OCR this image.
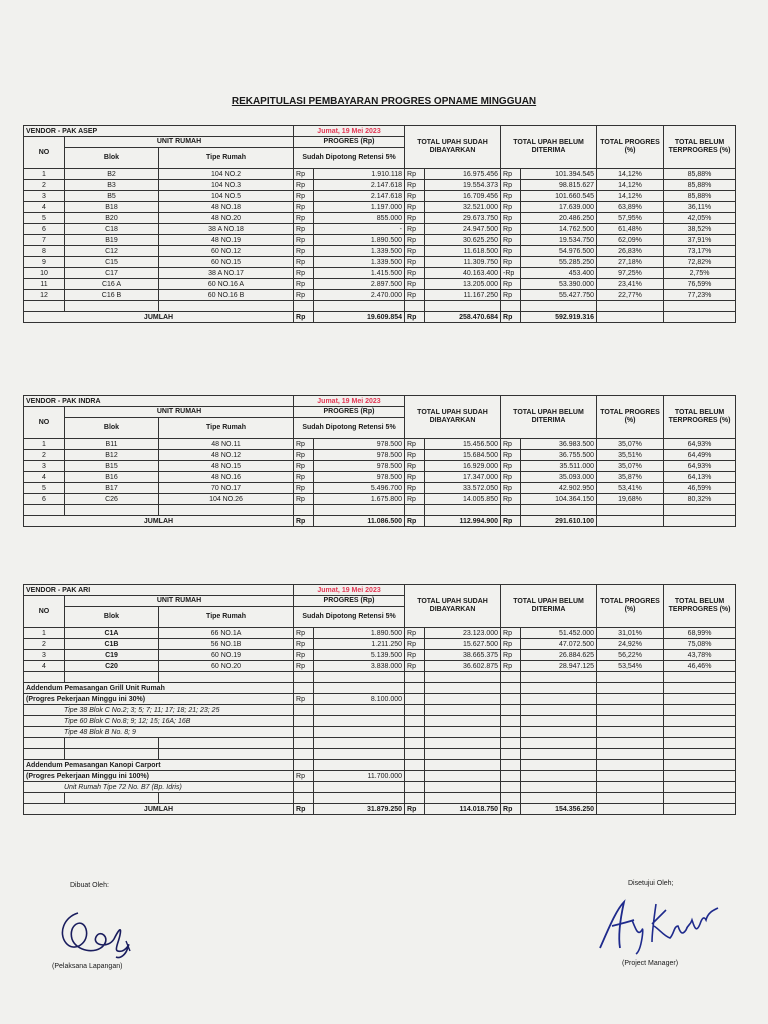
REKAPITULASI PEMBAYARAN PROGRES OPNAME MINGGUAN
VENDOR - PAK ASEP			Jumat, 19 Mei 2023		TOTAL UPAH SUDAH DIBAYARKAN		TOTAL UPAH BELUM DITERIMA		TOTAL PROGRES (%)	TOTAL BELUM TERPROGRES (%)
NO	UNIT RUMAH		PROGRES (Rp)							
	Blok	Tipe Rumah	Sudah Dipotong Retensi 5%							
1	B2	104 NO.2	Rp	1.910.118	Rp	16.975.456	Rp	101.394.545	14,12%	85,88%
2	B3	104 NO.3	Rp	2.147.618	Rp	19.554.373	Rp	98.815.627	14,12%	85,88%
3	B5	104 NO.5	Rp	2.147.618	Rp	16.709.456	Rp	101.660.545	14,12%	85,88%
4	B18	48 NO.18	Rp	1.197.000	Rp	32.521.000	Rp	17.639.000	63,89%	36,11%
5	B20	48 NO.20	Rp	855.000	Rp	29.673.750	Rp	20.486.250	57,95%	42,05%
6	C18	38 A NO.18	Rp	-	Rp	24.947.500	Rp	14.762.500	61,48%	38,52%
7	B19	48 NO.19	Rp	1.890.500	Rp	30.625.250	Rp	19.534.750	62,09%	37,91%
8	C12	60 NO.12	Rp	1.339.500	Rp	11.618.500	Rp	54.976.500	26,83%	73,17%
9	C15	60 NO.15	Rp	1.339.500	Rp	11.309.750	Rp	55.285.250	27,18%	72,82%
10	C17	38 A NO.17	Rp	1.415.500	Rp	40.163.400	-Rp	453.400	97,25%	2,75%
11	C16 A	60 NO.16 A	Rp	2.897.500	Rp	13.205.000	Rp	53.390.000	23,41%	76,59%
12	C16 B	60 NO.16 B	Rp	2.470.000	Rp	11.167.250	Rp	55.427.750	22,77%	77,23%

JUMLAH			Rp	19.609.854	Rp	258.470.684	Rp	592.919.316		
VENDOR - PAK INDRA			Jumat, 19 Mei 2023		TOTAL UPAH SUDAH DIBAYARKAN		TOTAL UPAH BELUM DITERIMA		TOTAL PROGRES (%)	TOTAL BELUM TERPROGRES (%)
NO	UNIT RUMAH		PROGRES (Rp)							
	Blok	Tipe Rumah	Sudah Dipotong Retensi 5%							
1	B11	48 NO.11	Rp	978.500	Rp	15.456.500	Rp	36.983.500	35,07%	64,93%
2	B12	48 NO.12	Rp	978.500	Rp	15.684.500	Rp	36.755.500	35,51%	64,49%
3	B15	48 NO.15	Rp	978.500	Rp	16.929.000	Rp	35.511.000	35,07%	64,93%
4	B16	48 NO.16	Rp	978.500	Rp	17.347.000	Rp	35.093.000	35,87%	64,13%
5	B17	70 NO.17	Rp	5.496.700	Rp	33.572.050	Rp	42.902.950	53,41%	46,59%
6	C26	104 NO.26	Rp	1.675.800	Rp	14.005.850	Rp	104.364.150	19,68%	80,32%

JUMLAH			Rp	11.086.500	Rp	112.994.900	Rp	291.610.100		
VENDOR - PAK ARI			Jumat, 19 Mei 2023		TOTAL UPAH SUDAH DIBAYARKAN		TOTAL UPAH BELUM DITERIMA		TOTAL PROGRES (%)	TOTAL BELUM TERPROGRES (%)
NO	UNIT RUMAH		PROGRES (Rp)							
	Blok	Tipe Rumah	Sudah Dipotong Retensi 5%							
1	C1A	66 NO.1A	Rp	1.890.500	Rp	23.123.000	Rp	51.452.000	31,01%	68,99%
2	C1B	56 NO.1B	Rp	1.211.250	Rp	15.627.500	Rp	47.072.500	24,92%	75,08%
3	C19	60 NO.19	Rp	5.139.500	Rp	38.665.375	Rp	26.884.625	56,22%	43,78%
4	C20	60 NO.20	Rp	3.838.000	Rp	36.602.875	Rp	28.947.125	53,54%	46,46%

Addendum Pemasangan Grill Unit Rumah										
(Progres Pekerjaan Minggu ini 30%)			Rp	8.100.000						
Tipe 38 Blok C No.2; 3; 5; 7; 11; 17; 18; 21; 23; 25										
Tipe 60 Blok C No.8; 9; 12; 15; 16A; 16B										
Tipe 48 Blok B No. 8; 9										

Addendum Pemasangan Kanopi Carport										
(Progres Pekerjaan Minggu ini 100%)			Rp	11.700.000						
Unit Rumah Tipe 72 No. B7 (Bp. Idris)										

JUMLAH			Rp	31.879.250	Rp	114.018.750	Rp	154.356.250		
Dibuat Oleh:
(Pelaksana Lapangan)
Disetujui Oleh;
(Project Manager)
